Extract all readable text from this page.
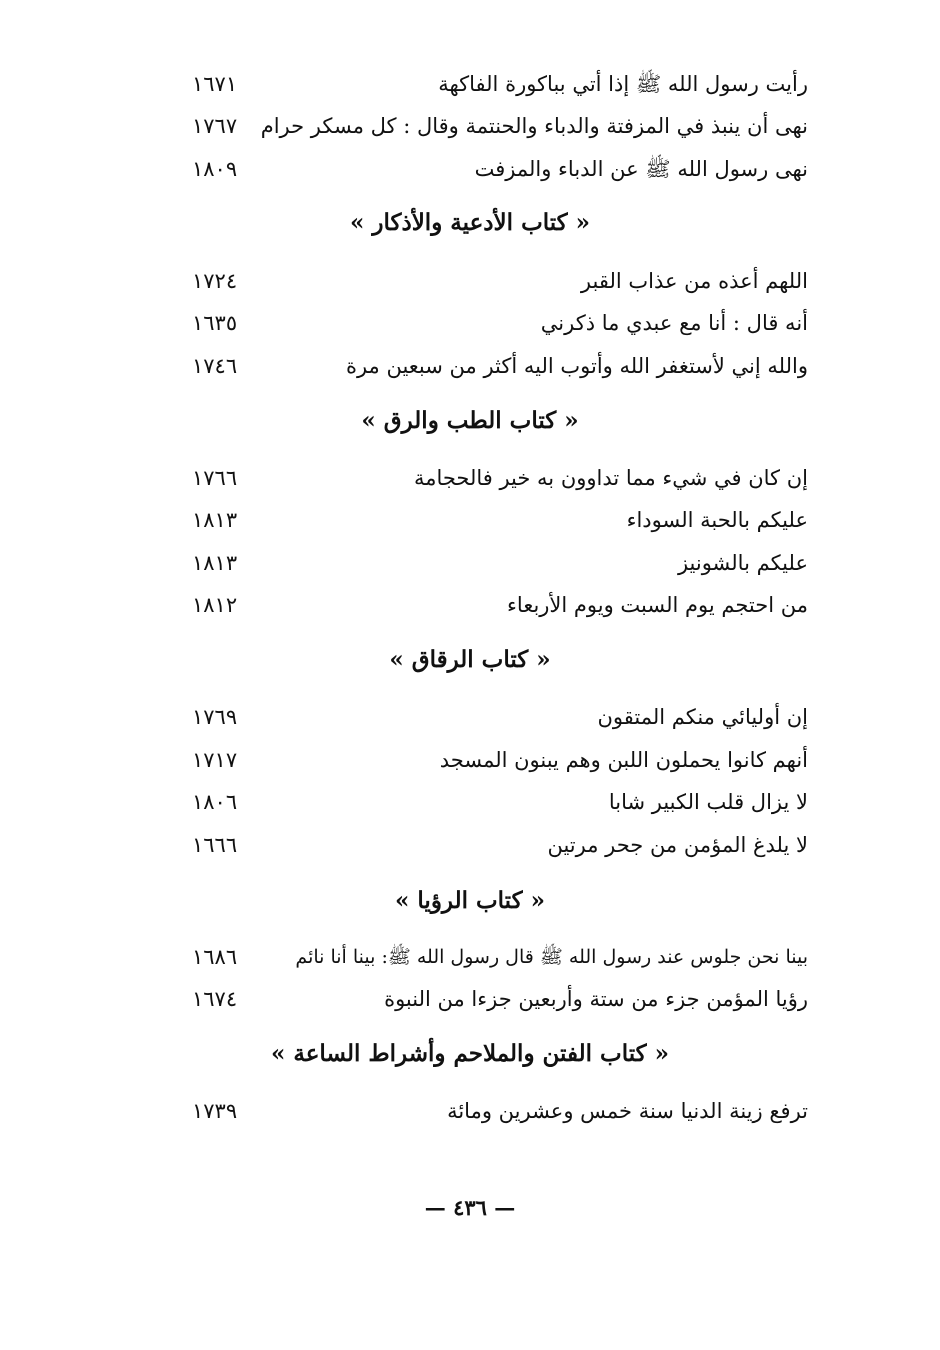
رأيت رسول الله ﷺ إذا أتي بباكورة الفاكهة
١٦٧١
نهى أن ينبذ في المزفتة والدباء والحنتمة وقال : كل مسكر حرام
١٧٦٧
نهى رسول الله ﷺ عن الدباء والمزفت
١٨٠٩
« كتاب الأدعية والأذكار »
اللهم أعذه من عذاب القبر
١٧٢٤
أنه قال : أنا مع عبدي ما ذكرني
١٦٣٥
والله إني لأستغفر الله وأتوب اليه أكثر من سبعين مرة
١٧٤٦
« كتاب الطب والرق »
إن كان في شيء مما تداوون به خير فالحجامة
١٧٦٦
عليكم بالحبة السوداء
١٨١٣
عليكم بالشونيز
١٨١٣
من احتجم يوم السبت ويوم الأربعاء
١٨١٢
« كتاب الرقاق »
إن أوليائي منكم المتقون
١٧٦٩
أنهم كانوا يحملون اللبن وهم يبنون المسجد
١٧١٧
لا يزال قلب الكبير شابا
١٨٠٦
لا يلدغ المؤمن من جحر مرتين
١٦٦٦
« كتاب الرؤيا »
بينا نحن جلوس عند رسول الله ﷺ قال رسول الله ﷺ: بينا أنا نائم
١٦٨٦
رؤيا المؤمن جزء من ستة وأربعين جزءا من النبوة
١٦٧٤
« كتاب الفتن والملاحم وأشراط الساعة »
ترفع زينة الدنيا سنة خمس وعشرين ومائة
١٧٣٩
— ٤٣٦ —
